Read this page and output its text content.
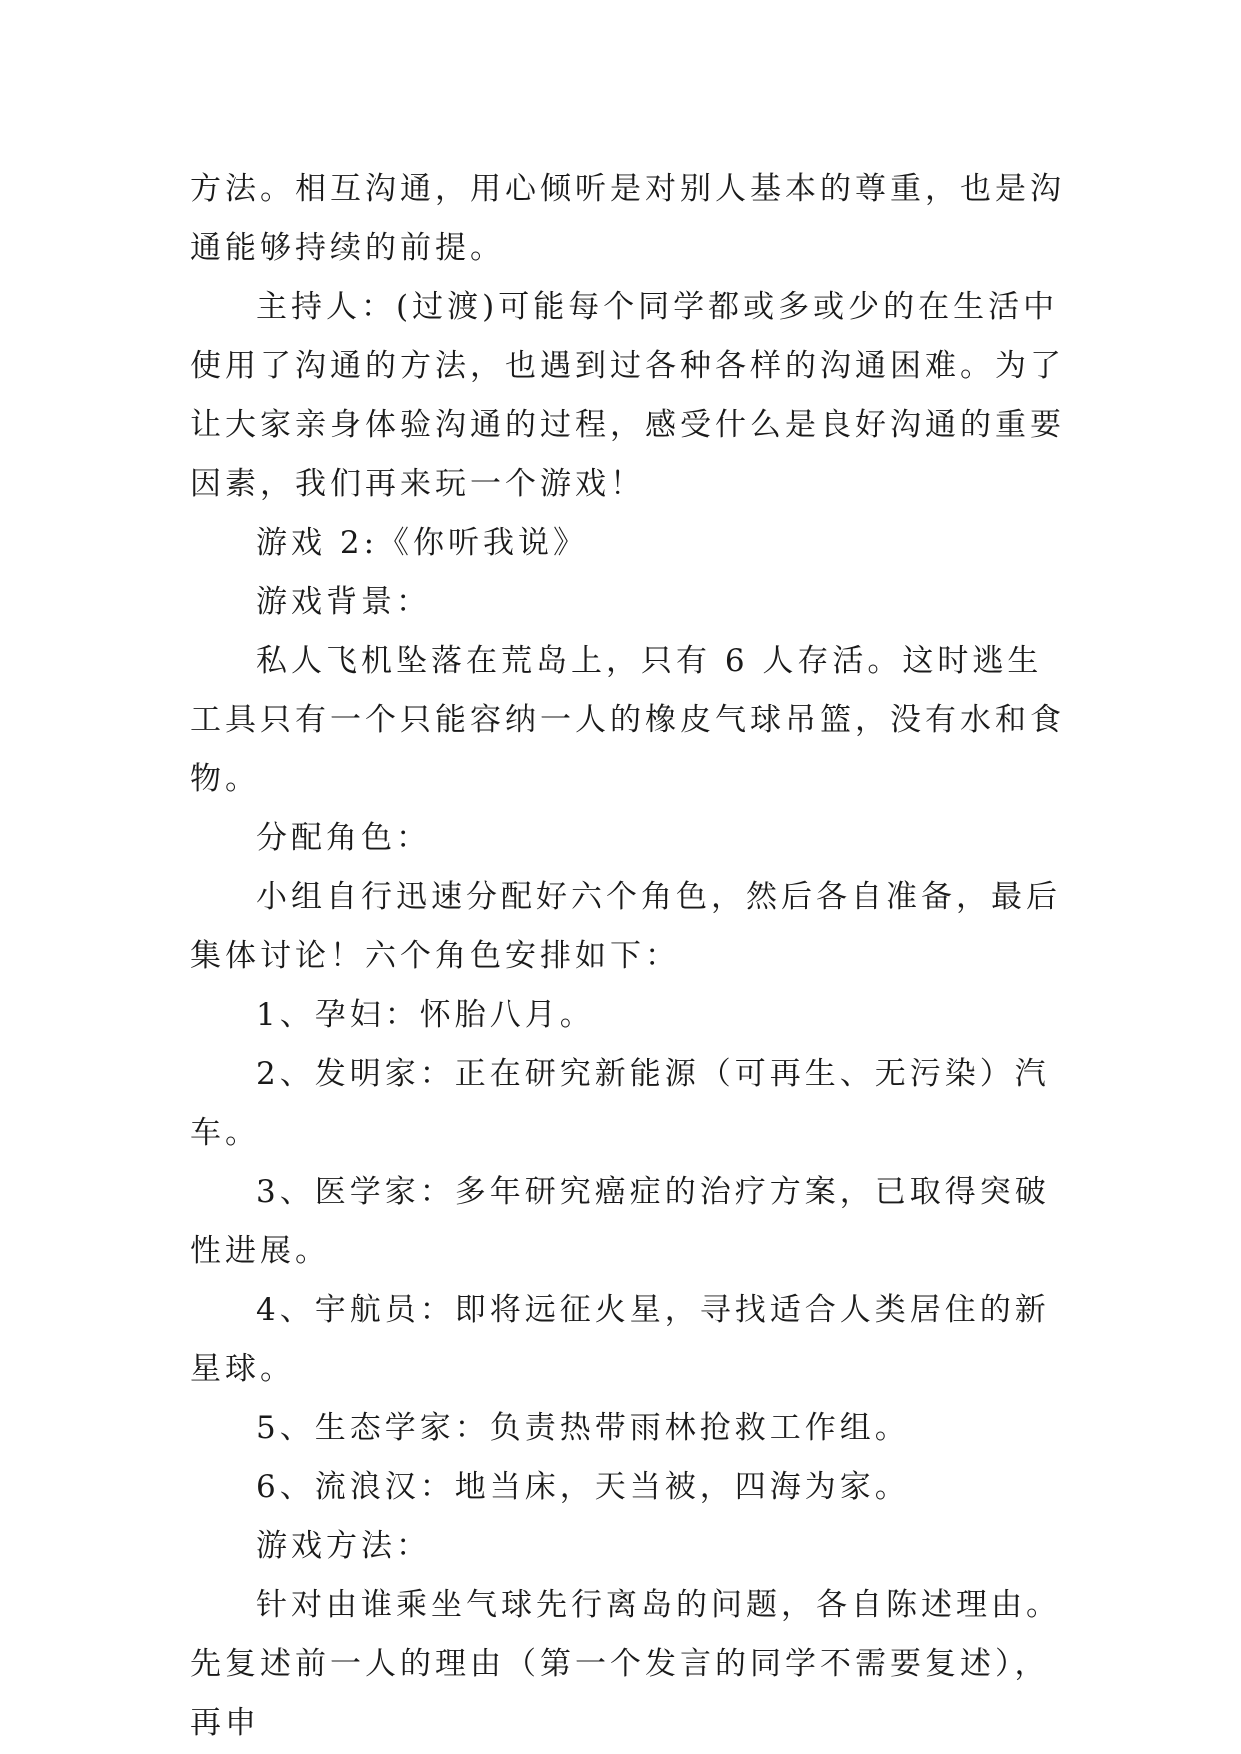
方法。相互沟通，用心倾听是对别人基本的尊重，也是沟通能够持续的前提。

主持人：(过渡)可能每个同学都或多或少的在生活中使用了沟通的方法，也遇到过各种各样的沟通困难。为了让大家亲身体验沟通的过程，感受什么是良好沟通的重要因素，我们再来玩一个游戏！

游戏 2:《你听我说》

游戏背景：

私人飞机坠落在荒岛上，只有 6 人存活。这时逃生工具只有一个只能容纳一人的橡皮气球吊篮，没有水和食物。

分配角色：

小组自行迅速分配好六个角色，然后各自准备，最后集体讨论！六个角色安排如下：

1、孕妇：怀胎八月。

2、发明家：正在研究新能源（可再生、无污染）汽车。

3、医学家：多年研究癌症的治疗方案，已取得突破性进展。

4、宇航员：即将远征火星，寻找适合人类居住的新星球。

5、生态学家：负责热带雨林抢救工作组。

6、流浪汉：地当床，天当被，四海为家。

游戏方法：

针对由谁乘坐气球先行离岛的问题，各自陈述理由。先复述前一人的理由（第一个发言的同学不需要复述），再申
